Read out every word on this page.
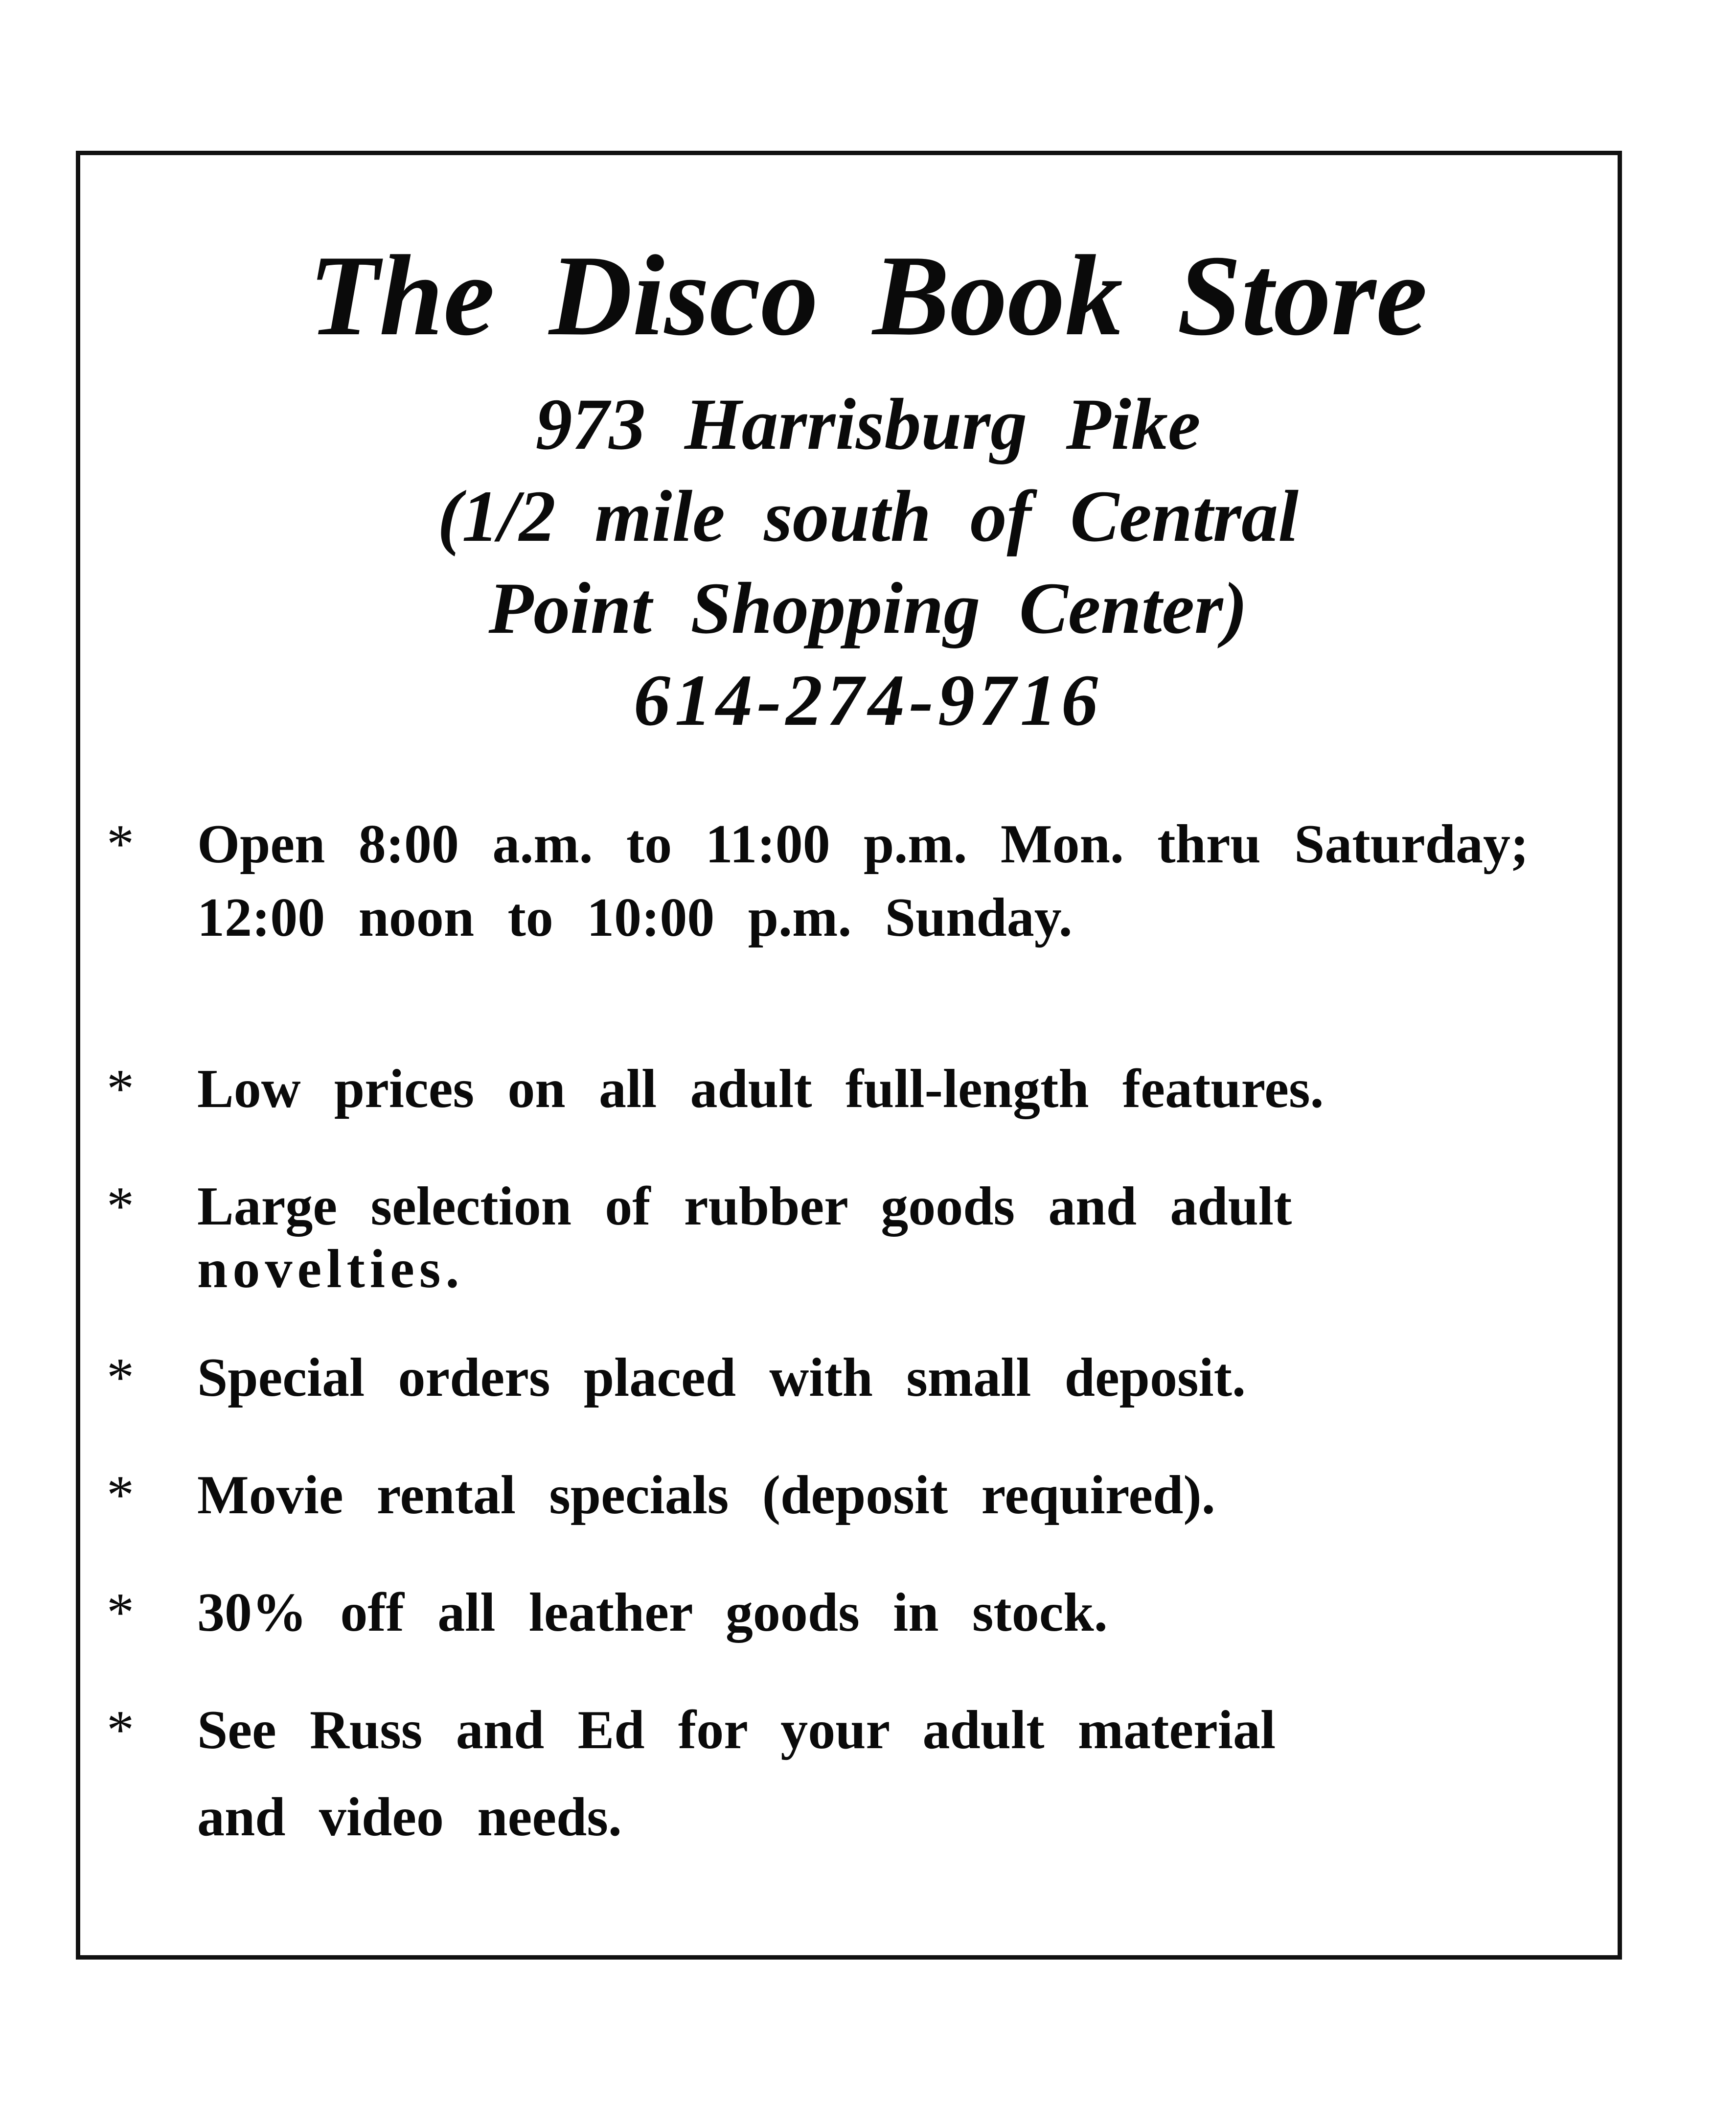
The Disco Book Store

973 Harrisburg Pike

(1/2 mile south of Central

Point Shopping Center)

614-274-9716

* Open 8:00 a.m. to 11:00 p.m. Mon. thru Saturday;
12:00 noon to 10:00 p.m. Sunday.
* Low prices on all adult full-length features.
* Large selection of rubber goods and adult
novelties.
* Special orders placed with small deposit.
* Movie rental specials (deposit required).
* 30% off all leather goods in stock.
* See Russ and Ed for your adult material
and video needs.
